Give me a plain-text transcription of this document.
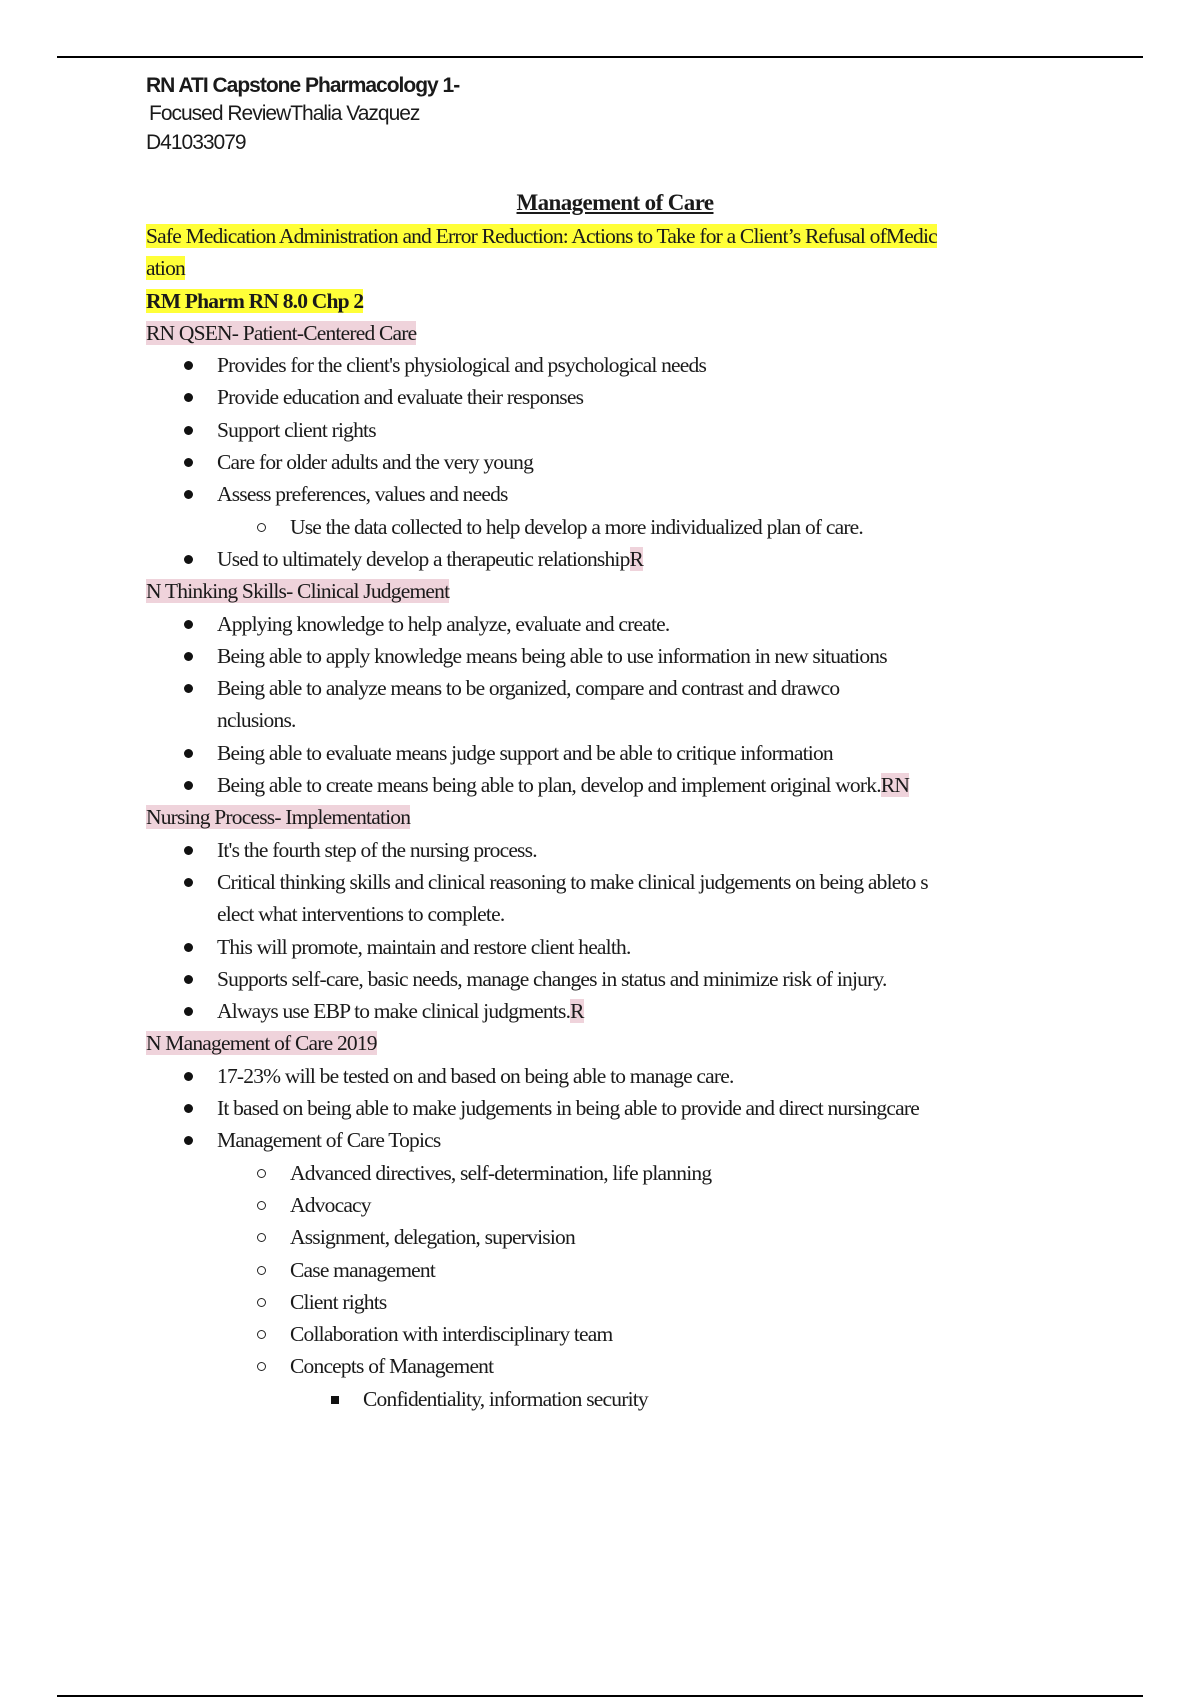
RN ATI Capstone Pharmacology 1-
Focused ReviewThalia Vazquez
D41033079
Management of Care
Safe Medication Administration and Error Reduction: Actions to Take for a Client’s Refusal ofMedic
ation
RM Pharm RN 8.0 Chp 2
RN QSEN- Patient-Centered Care
Provides for the client's physiological and psychological needs
Provide education and evaluate their responses
Support client rights
Care for older adults and the very young
Assess preferences, values and needs
Use the data collected to help develop a more individualized plan of care.
Used to ultimately develop a therapeutic relationshipR
N Thinking Skills- Clinical Judgement
Applying knowledge to help analyze, evaluate and create.
Being able to apply knowledge means being able to use information in new situations
Being able to analyze means to be organized, compare and contrast and drawco
nclusions.
Being able to evaluate means judge support and be able to critique information
Being able to create means being able to plan, develop and implement original work.RN
Nursing Process- Implementation
It's the fourth step of the nursing process.
Critical thinking skills and clinical reasoning to make clinical judgements on being ableto s
elect what interventions to complete.
This will promote, maintain and restore client health.
Supports self-care, basic needs, manage changes in status and minimize risk of injury.
Always use EBP to make clinical judgments.R
N Management of Care 2019
17-23% will be tested on and based on being able to manage care.
It based on being able to make judgements in being able to provide and direct nursingcare
Management of Care Topics
Advanced directives, self-determination, life planning
Advocacy
Assignment, delegation, supervision
Case management
Client rights
Collaboration with interdisciplinary team
Concepts of Management
Confidentiality, information security
